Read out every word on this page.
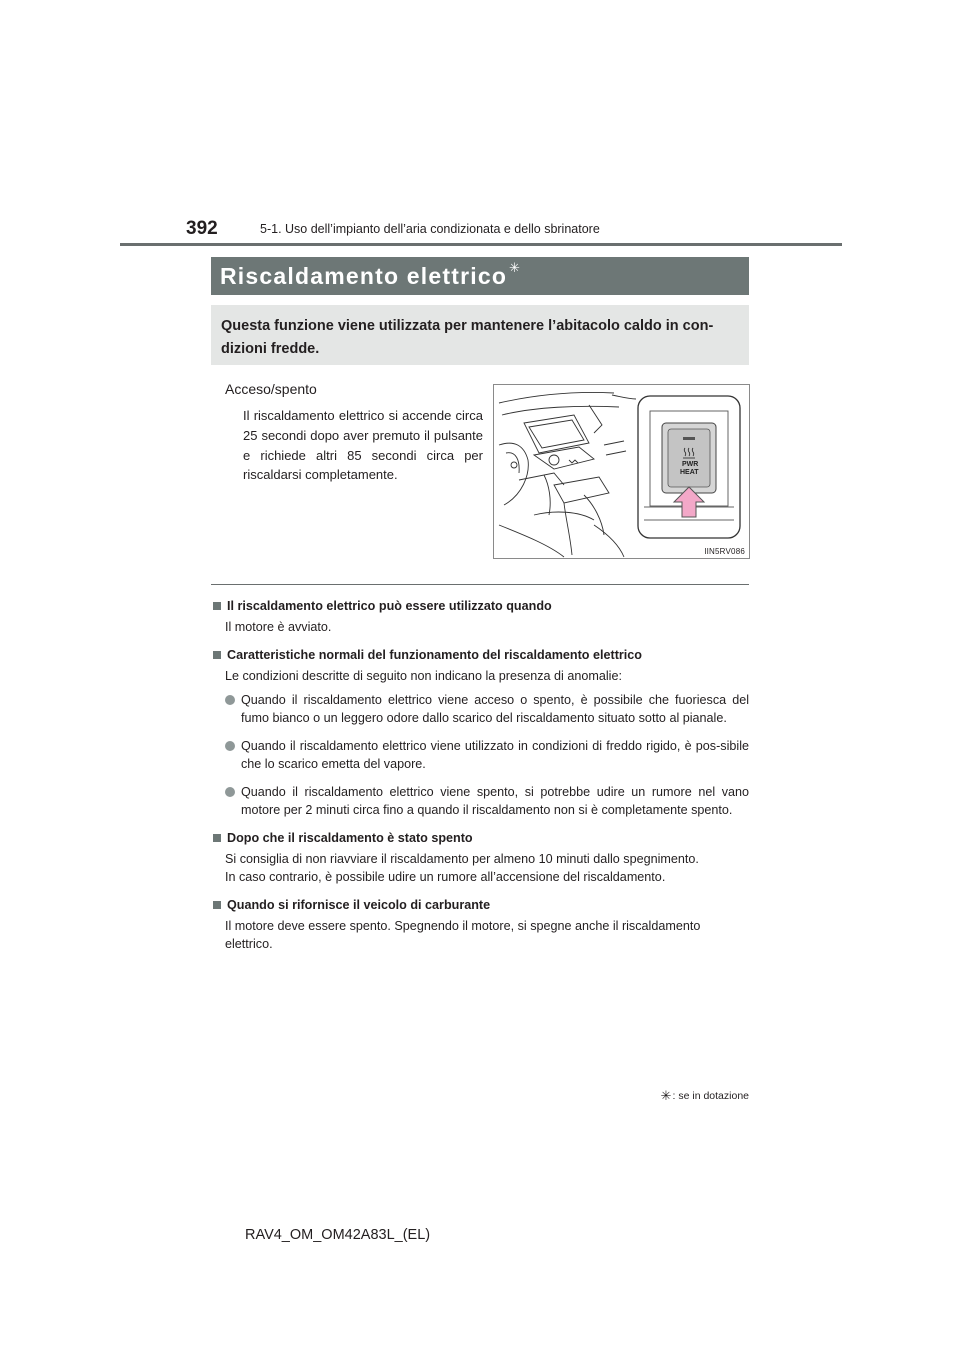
392	5-1. Uso dell’impianto dell’aria condizionata e dello sbrinatore
Riscaldamento elettrico ✳
Questa funzione viene utilizzata per mantenere l’abitacolo caldo in con-dizioni fredde.
Acceso/spento
Il riscaldamento elettrico si accende circa 25 secondi dopo aver premuto il pulsante e richiede altri 85 secondi circa per riscaldarsi completamente.
PWR
HEAT
IIN5RV086
Il riscaldamento elettrico può essere utilizzato quando

Il motore è avviato.

Caratteristiche normali del funzionamento del riscaldamento elettrico

Le condizioni descritte di seguito non indicano la presenza di anomalie:

Quando il riscaldamento elettrico viene acceso o spento, è possibile che fuoriesca del fumo bianco o un leggero odore dallo scarico del riscaldamento situato sotto al pianale.
Quando il riscaldamento elettrico viene utilizzato in condizioni di freddo rigido, è pos-sibile che lo scarico emetta del vapore.
Quando il riscaldamento elettrico viene spento, si potrebbe udire un rumore nel vano motore per 2 minuti circa fino a quando il riscaldamento non si è completamente spento.
Dopo che il riscaldamento è stato spento

Si consiglia di non riavviare il riscaldamento per almeno 10 minuti dallo spegnimento.

In caso contrario, è possibile udire un rumore all’accensione del riscaldamento.

Quando si rifornisce il veicolo di carburante

Il motore deve essere spento. Spegnendo il motore, si spegne anche il riscaldamento elettrico.

✳ : se in dotazione
RAV4_OM_OM42A83L_(EL)
